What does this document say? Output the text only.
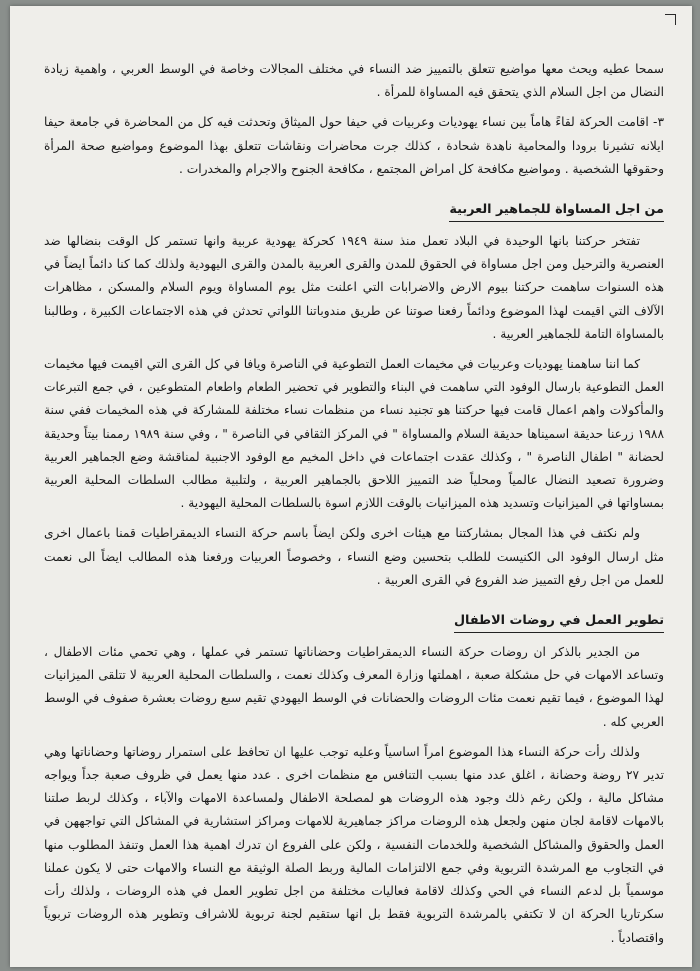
سمحا عطيه ويحث معها مواضيع تتعلق بالتمييز ضد النساء في مختلف المجالات وخاصة في الوسط العربي ، واهمية زيادة النضال من اجل السلام الذي يتحقق فيه المساواة للمرأة .

٣- اقامت الحركة لقاءً هاماً بين نساء يهوديات وعربيات في حيفا حول الميثاق وتحدثت فيه كل من المحاضرة في جامعة حيفا ايلانه تشيرنا برودا والمحامية ناهدة شحادة ، كذلك جرت محاضرات ونقاشات تتعلق بهذا الموضوع ومواضيع صحة المرأة وحقوقها الشخصية . ومواضيع مكافحة كل امراض المجتمع ، مكافحة الجنوح والاجرام والمخدرات .

من اجل المساواة للجماهير العربية

تفتخر حركتنا بانها الوحيدة في البلاد تعمل منذ سنة ١٩٤٩ كحركة يهودية عربية وانها تستمر كل الوقت بنضالها ضد العنصرية والترحيل ومن اجل مساواة في الحقوق للمدن والقرى العربية بالمدن والقرى اليهودية ولذلك كما كنا دائماً ايضاً في هذه السنوات ساهمت حركتنا بيوم الارض والاضرابات التي اعلنت مثل يوم المساواة ويوم السلام والمسكن ، مظاهرات الآلاف التي اقيمت لهذا الموضوع ودائماً رفعنا صوتنا عن طريق مندوباتنا اللواتي تحدثن في هذه الاجتماعات الكبيرة ، وطالبنا بالمساواة التامة للجماهير العربية .

كما اننا ساهمنا يهوديات وعربيات في مخيمات العمل التطوعية في الناصرة ويافا في كل القرى التي اقيمت فيها مخيمات العمل التطوعية بارسال الوفود التي ساهمت في البناء والتطوير في تحضير الطعام واطعام المتطوعين ، في جمع التبرعات والمأكولات واهم اعمال قامت فيها حركتنا هو تجنيد نساء من منظمات نساء مختلفة للمشاركة في هذه المخيمات ففي سنة ١٩٨٨ زرعنا حديقة اسميناها حديقة السلام والمساواة " في المركز الثقافي في الناصرة " ، وفي سنة ١٩٨٩ رممنا بيتاً وحديقة لحضانة " اطفال الناصرة " ، وكذلك عقدت اجتماعات في داخل المخيم مع الوفود الاجنبية لمناقشة وضع الجماهير العربية وضرورة تصعيد النضال عالمياً ومحلياً ضد التمييز اللاحق بالجماهير العربية ، ولتلبية مطالب السلطات المحلية العربية بمساواتها في الميزانيات وتسديد هذه الميزانيات بالوقت اللازم اسوة بالسلطات المحلية اليهودية .

ولم نكتف في هذا المجال بمشاركتنا مع هيئات اخرى ولكن ايضاً باسم حركة النساء الديمقراطيات قمنا باعمال اخرى مثل ارسال الوفود الى الكنيست للطلب بتحسين وضع النساء ، وخصوصاً العربيات ورفعنا هذه المطالب ايضاً الى نعمت للعمل من اجل رفع التمييز ضد الفروع في القرى العربية .

تطوير العمل في روضات الاطفال

من الجدير بالذكر ان روضات حركة النساء الديمقراطيات وحضاناتها تستمر في عملها ، وهي تحمي مئات الاطفال ، وتساعد الامهات في حل مشكلة صعبة ، اهملتها وزارة المعرف وكذلك نعمت ، والسلطات المحلية العربية لا تتلقى الميزانيات لهذا الموضوع ، فيما تقيم نعمت مئات الروضات والحضانات في الوسط اليهودي تقيم سبع روضات بعشرة صفوف في الوسط العربي كله .

ولذلك رأت حركة النساء هذا الموضوع امراً اساسياً وعليه توجب عليها ان تحافظ على استمرار روضاتها وحضاناتها وهي تدير ٢٧ روضة وحضانة ، اغلق عدد منها بسبب التنافس مع منظمات اخرى . عدد منها يعمل في ظروف صعبة جداً ويواجه مشاكل مالية ، ولكن رغم ذلك وجود هذه الروضات هو لمصلحة الاطفال ولمساعدة الامهات والآباء ، وكذلك لربط صلتنا بالامهات لاقامة لجان منهن ولجعل هذه الروضات مراكز جماهيرية للامهات ومراكز استشارية في المشاكل التي تواجههن في العمل والحقوق والمشاكل الشخصية وللخدمات النفسية ، ولكن على الفروع ان تدرك اهمية هذا العمل وتنفذ المطلوب منها في التجاوب مع المرشدة التربوية وفي جمع الالتزامات المالية وربط الصلة الوثيقة مع النساء والامهات حتى لا يكون عملنا موسمياً بل لدعم النساء في الحي وكذلك لاقامة فعاليات مختلفة من اجل تطوير العمل في هذه الروضات ، ولذلك رأت سكرتاريا الحركة ان لا تكتفي بالمرشدة التربوية فقط بل انها ستقيم لجنة تربوية للاشراف وتطوير هذه الروضات تربوياً واقتصادياً .
